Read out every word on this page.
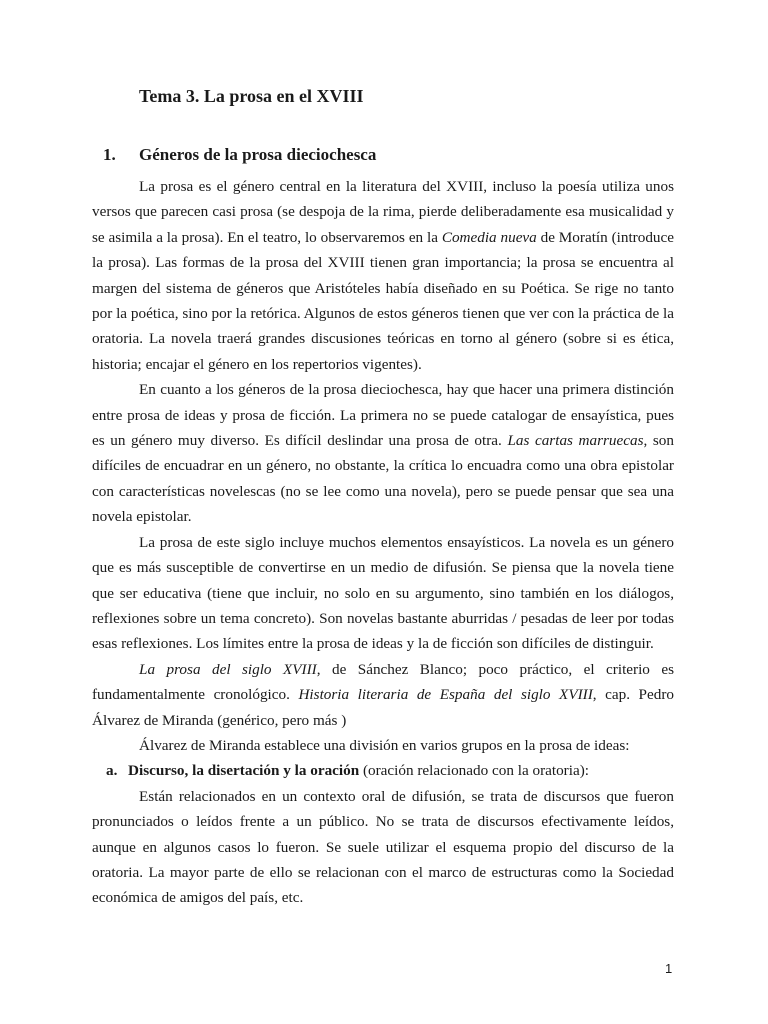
Tema 3. La prosa en el XVIII
1. Géneros de la prosa dieciochesca

La prosa es el género central en la literatura del XVIII, incluso la poesía utiliza unos versos que parecen casi prosa (se despoja de la rima, pierde deliberadamente esa musicalidad y se asimila a la prosa). En el teatro, lo observaremos en la Comedia nueva de Moratín (introduce la prosa). Las formas de la prosa del XVIII tienen gran importancia; la prosa se encuentra al margen del sistema de géneros que Aristóteles había diseñado en su Poética. Se rige no tanto por la poética, sino por la retórica. Algunos de estos géneros tienen que ver con la práctica de la oratoria. La novela traerá grandes discusiones teóricas en torno al género (sobre si es ética, historia; encajar el género en los repertorios vigentes).

En cuanto a los géneros de la prosa dieciochesca, hay que hacer una primera distinción entre prosa de ideas y prosa de ficción. La primera no se puede catalogar de ensayística, pues es un género muy diverso. Es difícil deslindar una prosa de otra. Las cartas marruecas, son difíciles de encuadrar en un género, no obstante, la crítica lo encuadra como una obra epistolar con características novelescas (no se lee como una novela), pero se puede pensar que sea una novela epistolar.

La prosa de este siglo incluye muchos elementos ensayísticos. La novela es un género que es más susceptible de convertirse en un medio de difusión. Se piensa que la novela tiene que ser educativa (tiene que incluir, no solo en su argumento, sino también en los diálogos, reflexiones sobre un tema concreto). Son novelas bastante aburridas / pesadas de leer por todas esas reflexiones. Los límites entre la prosa de ideas y la de ficción son difíciles de distinguir.

La prosa del siglo XVIII, de Sánchez Blanco; poco práctico, el criterio es fundamentalmente cronológico. Historia literaria de España del siglo XVIII, cap. Pedro Álvarez de Miranda (genérico, pero más )

Álvarez de Miranda establece una división en varios grupos en la prosa de ideas:

a. Discurso, la disertación y la oración (oración relacionado con la oratoria):

Están relacionados en un contexto oral de difusión, se trata de discursos que fueron pronunciados o leídos frente a un público. No se trata de discursos efectivamente leídos, aunque en algunos casos lo fueron. Se suele utilizar el esquema propio del discurso de la oratoria. La mayor parte de ello se relacionan con el marco de estructuras como la Sociedad económica de amigos del país, etc.

1
